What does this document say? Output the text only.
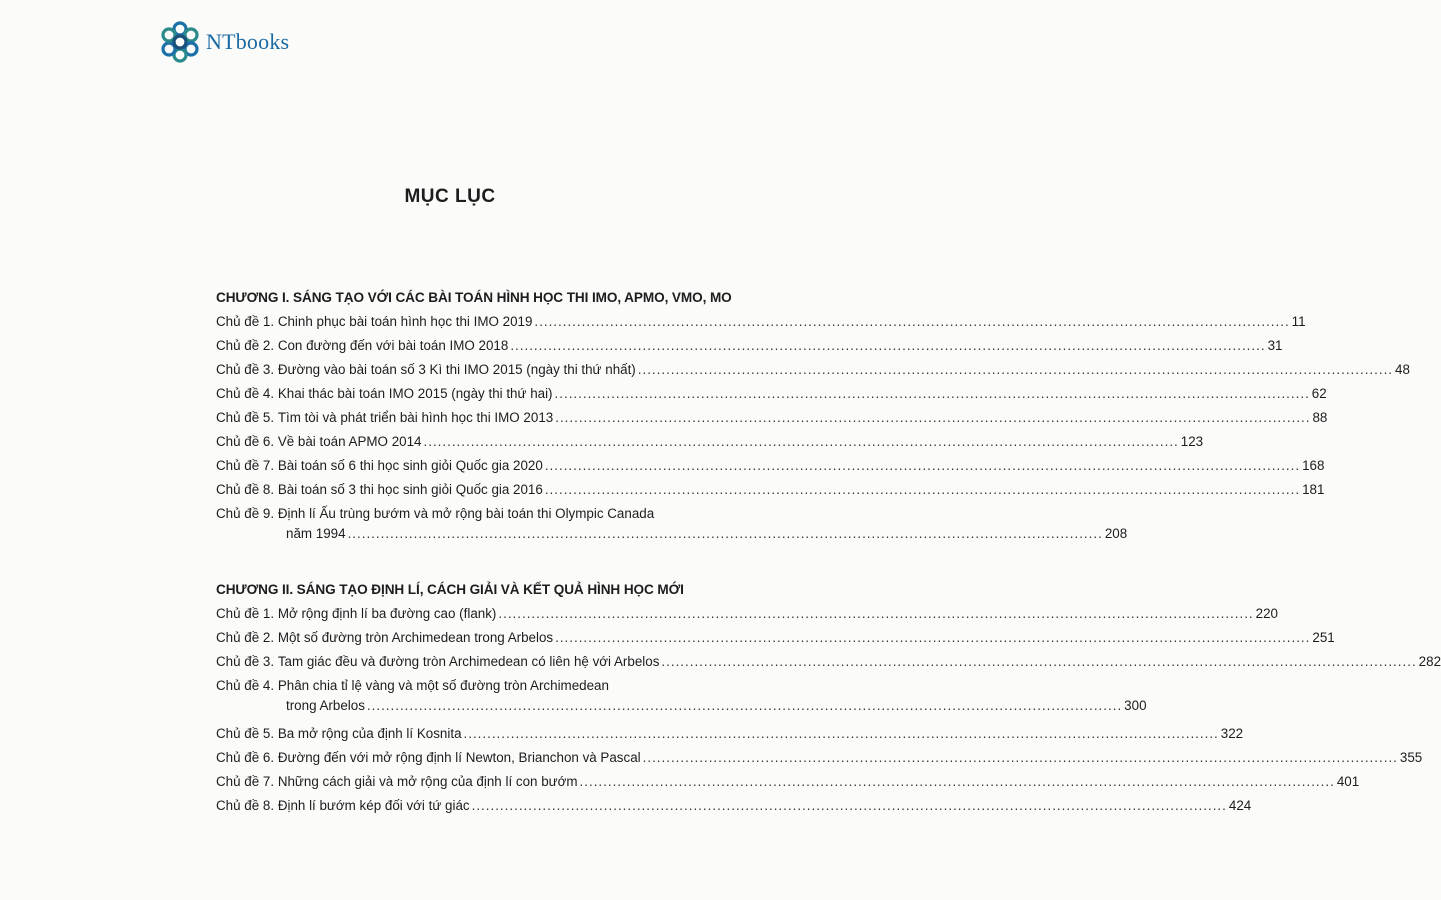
NTbooks
MỤC LỤC
CHƯƠNG I. SÁNG TẠO VỚI CÁC BÀI TOÁN HÌNH HỌC THI IMO, APMO, VMO, MO
Chủ đề 1.
Chinh phục bài toán hình học thi IMO 2019 .....	11
Chủ đề 2.
Con đường đến với bài toán IMO 2018 .....	31
Chủ đề 3.
Đường vào bài toán số 3 Kì thi IMO 2015 (ngày thi thứ nhất) .....	48
Chủ đề 4.
Khai thác bài toán IMO 2015 (ngày thi thứ hai) .....	62
Chủ đề 5.
Tìm tòi và phát triển bài hình học thi IMO 2013 .....	88
Chủ đề 6.
Về bài toán APMO 2014 .....	123
Chủ đề 7.
Bài toán số 6 thi học sinh giỏi Quốc gia 2020 .....	168
Chủ đề 8.
Bài toán số 3 thi học sinh giỏi Quốc gia 2016 .....	181
Chủ đề 9.
Định lí Ấu trùng bướm và mở rộng bài toán thi Olympic Canada
năm 1994 .....	208
CHƯƠNG II. SÁNG TẠO ĐỊNH LÍ, CÁCH GIẢI VÀ KẾT QUẢ HÌNH HỌC MỚI
Chủ đề 1.
Mở rộng định lí ba đường cao (flank) .....	220
Chủ đề 2.
Một số đường tròn Archimedean trong Arbelos .....	251
Chủ đề 3.
Tam giác đều và đường tròn Archimedean có liên hệ với Arbelos .....	282
Chủ đề 4.
Phân chia tỉ lệ vàng và một số đường tròn Archimedean
trong Arbelos .....	300
Chủ đề 5.
Ba mở rộng của định lí Kosnita .....	322
Chủ đề 6.
Đường đến với mở rộng định lí Newton, Brianchon và Pascal .....	355
Chủ đề 7.
Những cách giải và mở rộng của định lí con bướm .....	401
Chủ đề 8.
Định lí bướm kép đối với tứ giác .....	424
